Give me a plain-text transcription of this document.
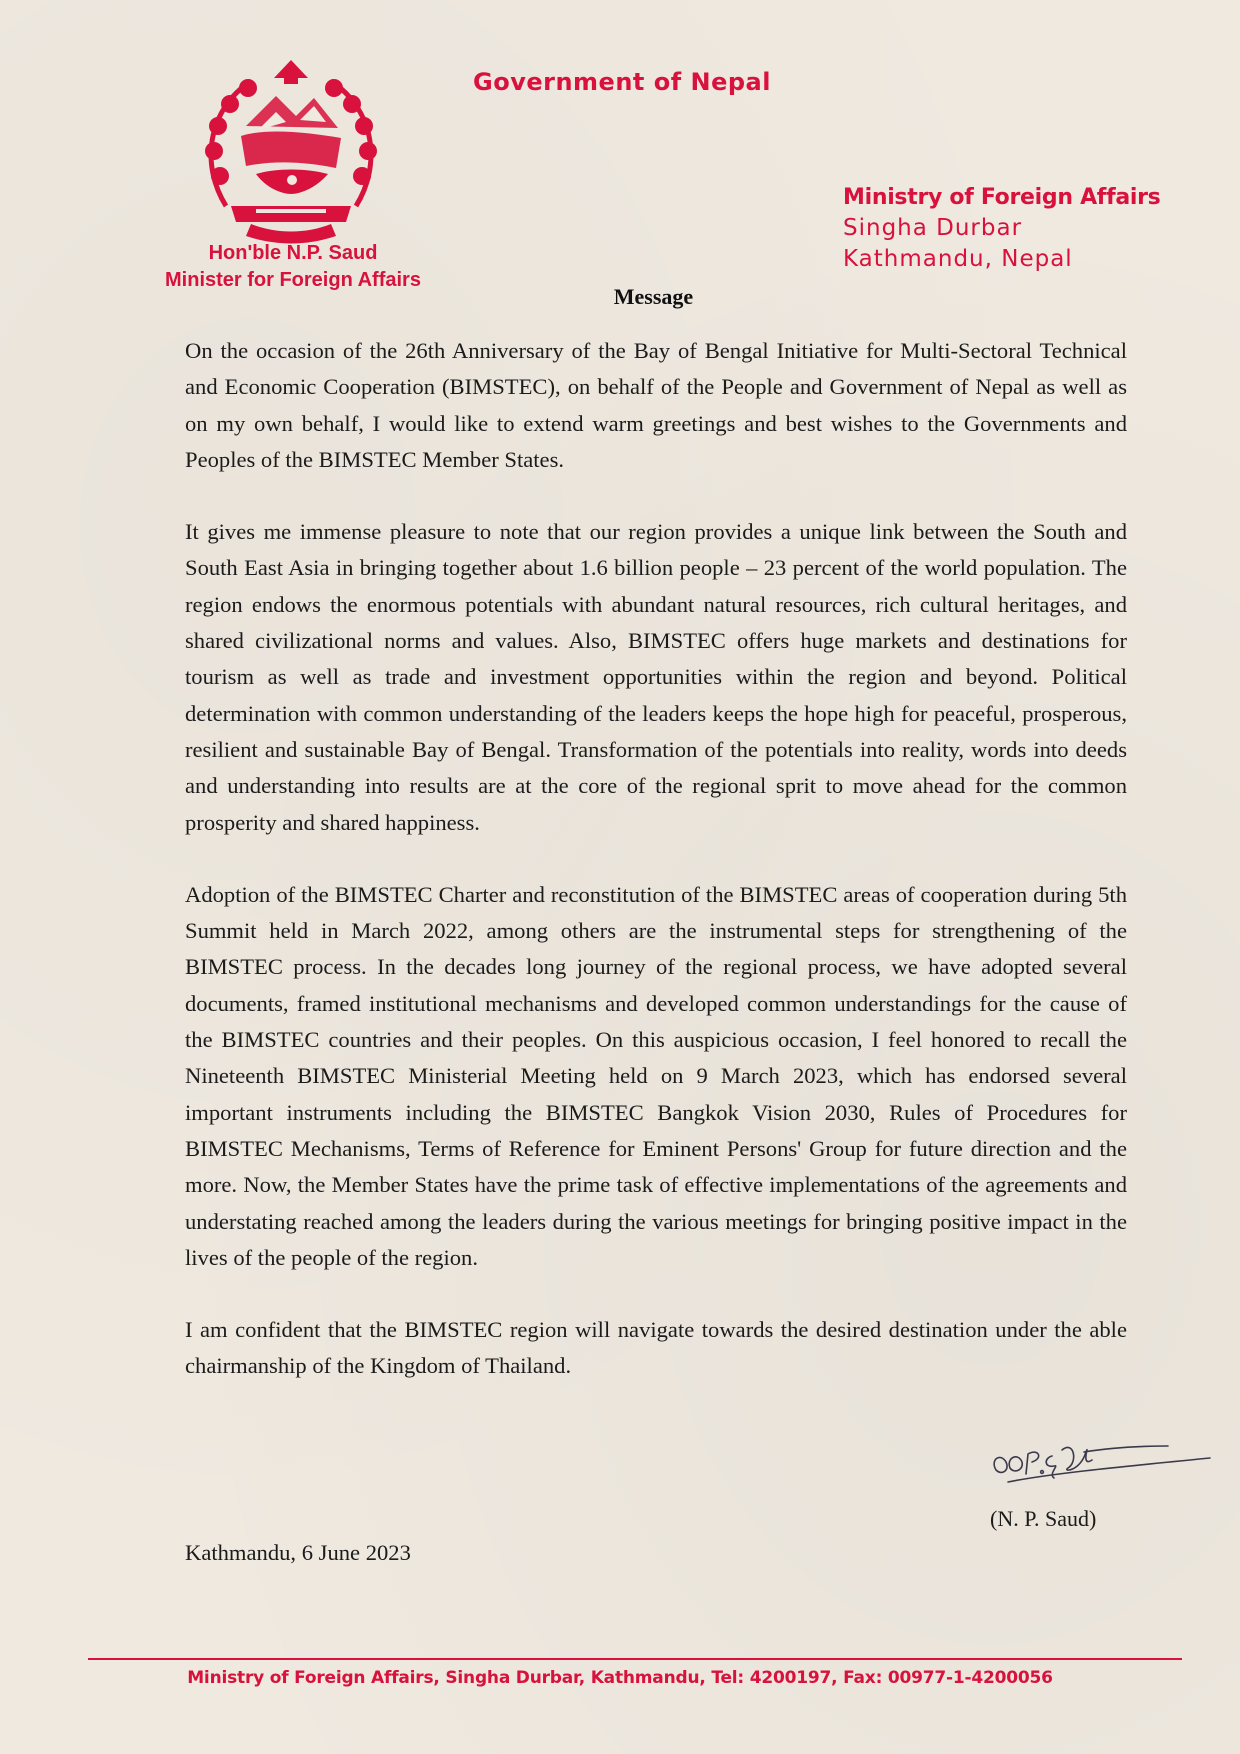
Government of Nepal
Hon'ble N.P. Saud
Minister for Foreign Affairs
Ministry of Foreign Affairs
Singha Durbar
Kathmandu, Nepal
Message

On the occasion of the 26th Anniversary of the Bay of Bengal Initiative for Multi-Sectoral Technical and Economic Cooperation (BIMSTEC), on behalf of the People and Government of Nepal as well as on my own behalf, I would like to extend warm greetings and best wishes to the Governments and Peoples of the BIMSTEC Member States.

It gives me immense pleasure to note that our region provides a unique link between the South and South East Asia in bringing together about 1.6 billion people – 23 percent of the world population. The region endows the enormous potentials with abundant natural resources, rich cultural heritages, and shared civilizational norms and values. Also, BIMSTEC offers huge markets and destinations for tourism as well as trade and investment opportunities within the region and beyond. Political determination with common understanding of the leaders keeps the hope high for peaceful, prosperous, resilient and sustainable Bay of Bengal. Transformation of the potentials into reality, words into deeds and understanding into results are at the core of the regional sprit to move ahead for the common prosperity and shared happiness.

Adoption of the BIMSTEC Charter and reconstitution of the BIMSTEC areas of cooperation during 5th Summit held in March 2022, among others are the instrumental steps for strengthening of the BIMSTEC process. In the decades long journey of the regional process, we have adopted several documents, framed institutional mechanisms and developed common understandings for the cause of the BIMSTEC countries and their peoples. On this auspicious occasion, I feel honored to recall the Nineteenth BIMSTEC Ministerial Meeting held on 9 March 2023, which has endorsed several important instruments including the BIMSTEC Bangkok Vision 2030, Rules of Procedures for BIMSTEC Mechanisms, Terms of Reference for Eminent Persons' Group for future direction and the more. Now, the Member States have the prime task of effective implementations of the agreements and understating reached among the leaders during the various meetings for bringing positive impact in the lives of the people of the region.

I am confident that the BIMSTEC region will navigate towards the desired destination under the able chairmanship of the Kingdom of Thailand.

(N. P. Saud)
Kathmandu, 6 June 2023
Ministry of Foreign Affairs, Singha Durbar, Kathmandu, Tel: 4200197, Fax: 00977-1-4200056
